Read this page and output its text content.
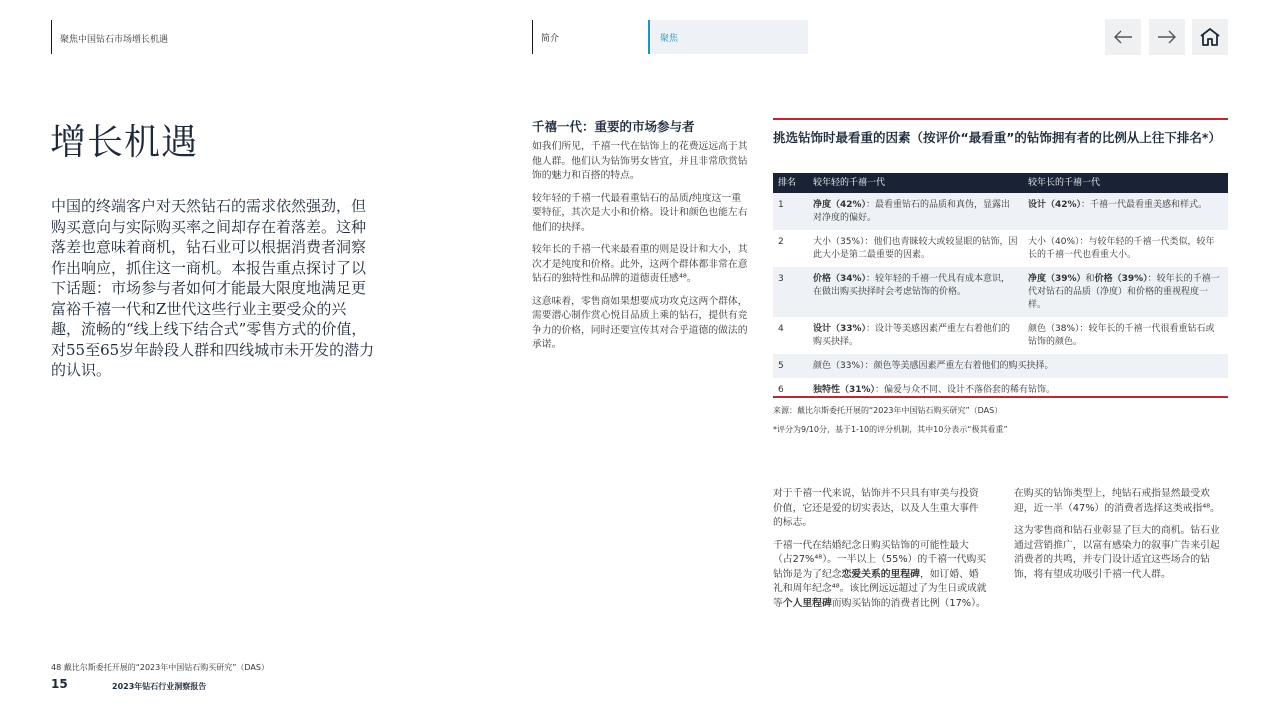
聚焦中国钻石市场增长机遇	简介	聚焦
增长机遇
中国的终端客户对天然钻石的需求依然强劲，但购买意向与实际购买率之间却存在着落差。这种落差也意味着商机，钻石业可以根据消费者洞察作出响应，抓住这一商机。本报告重点探讨了以下话题：市场参与者如何才能最大限度地满足更富裕千禧一代和Z世代这些行业主要受众的兴趣，流畅的“线上线下结合式”零售方式的价值，对55至65岁年龄段人群和四线城市未开发的潜力的认识。
千禧一代：重要的市场参与者

如我们所见，千禧一代在钻饰上的花费远远高于其他人群。他们认为钻饰男女皆宜，并且非常欣赏钻饰的魅力和百搭的特点。

较年轻的千禧一代最看重钻石的品质/纯度这一重要特征，其次是大小和价格。设计和颜色也能左右他们的抉择。

较年长的千禧一代来最看重的则是设计和大小，其次才是纯度和价格。此外，这两个群体都非常在意钻石的独特性和品牌的道德责任感⁴⁸。

这意味着，零售商如果想要成功攻克这两个群体，需要潜心制作赏心悦目品质上乘的钻石，提供有竞争力的价格，同时还要宣传其对合乎道德的做法的承诺。

挑选钻饰时最看重的因素（按评价“最看重”的钻饰拥有者的比例从上往下排名*）
排名	较年轻的千禧一代	较年长的千禧一代
1	净度（42%）：最看重钻石的品质和真伪，显露出对净度的偏好。	设计（42%）：千禧一代最看重美感和样式。
2	大小（35%）：他们也青睐较大或较显眼的钻饰，因此大小是第二最重要的因素。	大小（40%）：与较年轻的千禧一代类似，较年长的千禧一代也看重大小。
3	价格（34%）：较年轻的千禧一代具有成本意识，在做出购买抉择时会考虑钻饰的价格。	净度（39%）和价格（39%）：较年长的千禧一代对钻石的品质（净度）和价格的重视程度一样。
4	设计（33%）：设计等美感因素严重左右着他们的购买抉择。	颜色（38%）：较年长的千禧一代很看重钻石或钻饰的颜色。
5	颜色（33%）：颜色等美感因素严重左右着他们的购买抉择。	
6	独特性（31%）：偏爱与众不同、设计不落俗套的稀有钻饰。	
来源：戴比尔斯委托开展的“2023年中国钻石购买研究”（DAS）
*评分为9/10分，基于1-10的评分机制，其中10分表示“极其看重”

对于千禧一代来说，钻饰并不只具有审美与投资价值，它还是爱的切实表达，以及人生重大事件的标志。

千禧一代在结婚纪念日购买钻饰的可能性最大（占27%⁴⁸）。一半以上（55%）的千禧一代购买钻饰是为了纪念恋爱关系的里程碑，如订婚、婚礼和周年纪念⁴⁸。该比例远远超过了为生日或成就等个人里程碑而购买钻饰的消费者比例（17%）。

在购买的钻饰类型上，纯钻石戒指显然最受欢迎，近一半（47%）的消费者选择这类戒指⁴⁸。

这为零售商和钻石业彰显了巨大的商机。钻石业通过营销推广，以富有感染力的叙事广告来引起消费者的共鸣，并专门设计适宜这些场合的钻饰，将有望成功吸引千禧一代人群。

48 戴比尔斯委托开展的“2023年中国钻石购买研究”（DAS）
15	2023年钻石行业洞察报告
